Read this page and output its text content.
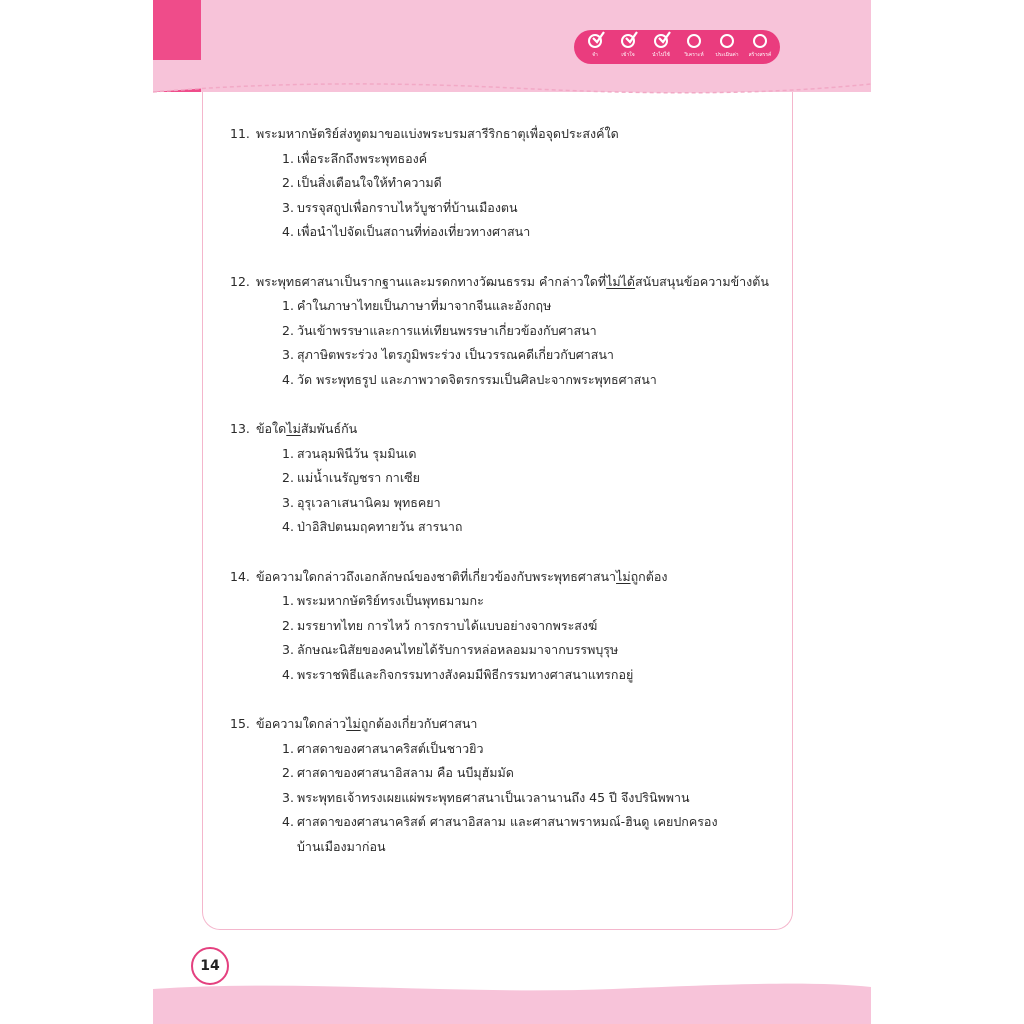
จำ	เข้าใจ	นำไปใช้	วิเคราะห์	ประเมินค่า	สร้างสรรค์
11. พระมหากษัตริย์ส่งทูตมาขอแบ่งพระบรมสารีริกธาตุเพื่อจุดประสงค์ใด
1. เพื่อระลึกถึงพระพุทธองค์
2. เป็นสิ่งเตือนใจให้ทำความดี
3. บรรจุสถูปเพื่อกราบไหว้บูชาที่บ้านเมืองตน
4. เพื่อนำไปจัดเป็นสถานที่ท่องเที่ยวทางศาสนา
12. พระพุทธศาสนาเป็นรากฐานและมรดกทางวัฒนธรรม คำกล่าวใดที่ไม่ได้สนับสนุนข้อความข้างต้น
1. คำในภาษาไทยเป็นภาษาที่มาจากจีนและอังกฤษ
2. วันเข้าพรรษาและการแห่เทียนพรรษาเกี่ยวข้องกับศาสนา
3. สุภาษิตพระร่วง ไตรภูมิพระร่วง เป็นวรรณคดีเกี่ยวกับศาสนา
4. วัด พระพุทธรูป และภาพวาดจิตรกรรมเป็นศิลปะจากพระพุทธศาสนา
13. ข้อใดไม่สัมพันธ์กัน
1. สวนลุมพินีวัน รุมมินเด
2. แม่น้ำเนรัญชรา กาเซีย
3. อุรุเวลาเสนานิคม พุทธคยา
4. ป่าอิสิปตนมฤคทายวัน สารนาถ
14. ข้อความใดกล่าวถึงเอกลักษณ์ของชาติที่เกี่ยวข้องกับพระพุทธศาสนาไม่ถูกต้อง
1. พระมหากษัตริย์ทรงเป็นพุทธมามกะ
2. มรรยาทไทย การไหว้ การกราบได้แบบอย่างจากพระสงฆ์
3. ลักษณะนิสัยของคนไทยได้รับการหล่อหลอมมาจากบรรพบุรุษ
4. พระราชพิธีและกิจกรรมทางสังคมมีพิธีกรรมทางศาสนาแทรกอยู่
15. ข้อความใดกล่าวไม่ถูกต้องเกี่ยวกับศาสนา
1. ศาสดาของศาสนาคริสต์เป็นชาวยิว
2. ศาสดาของศาสนาอิสลาม คือ นบีมุฮัมมัด
3. พระพุทธเจ้าทรงเผยแผ่พระพุทธศาสนาเป็นเวลานานถึง 45 ปี จึงปรินิพพาน
4. ศาสดาของศาสนาคริสต์ ศาสนาอิสลาม และศาสนาพราหมณ์-ฮินดู เคยปกครอง
บ้านเมืองมาก่อน
14
